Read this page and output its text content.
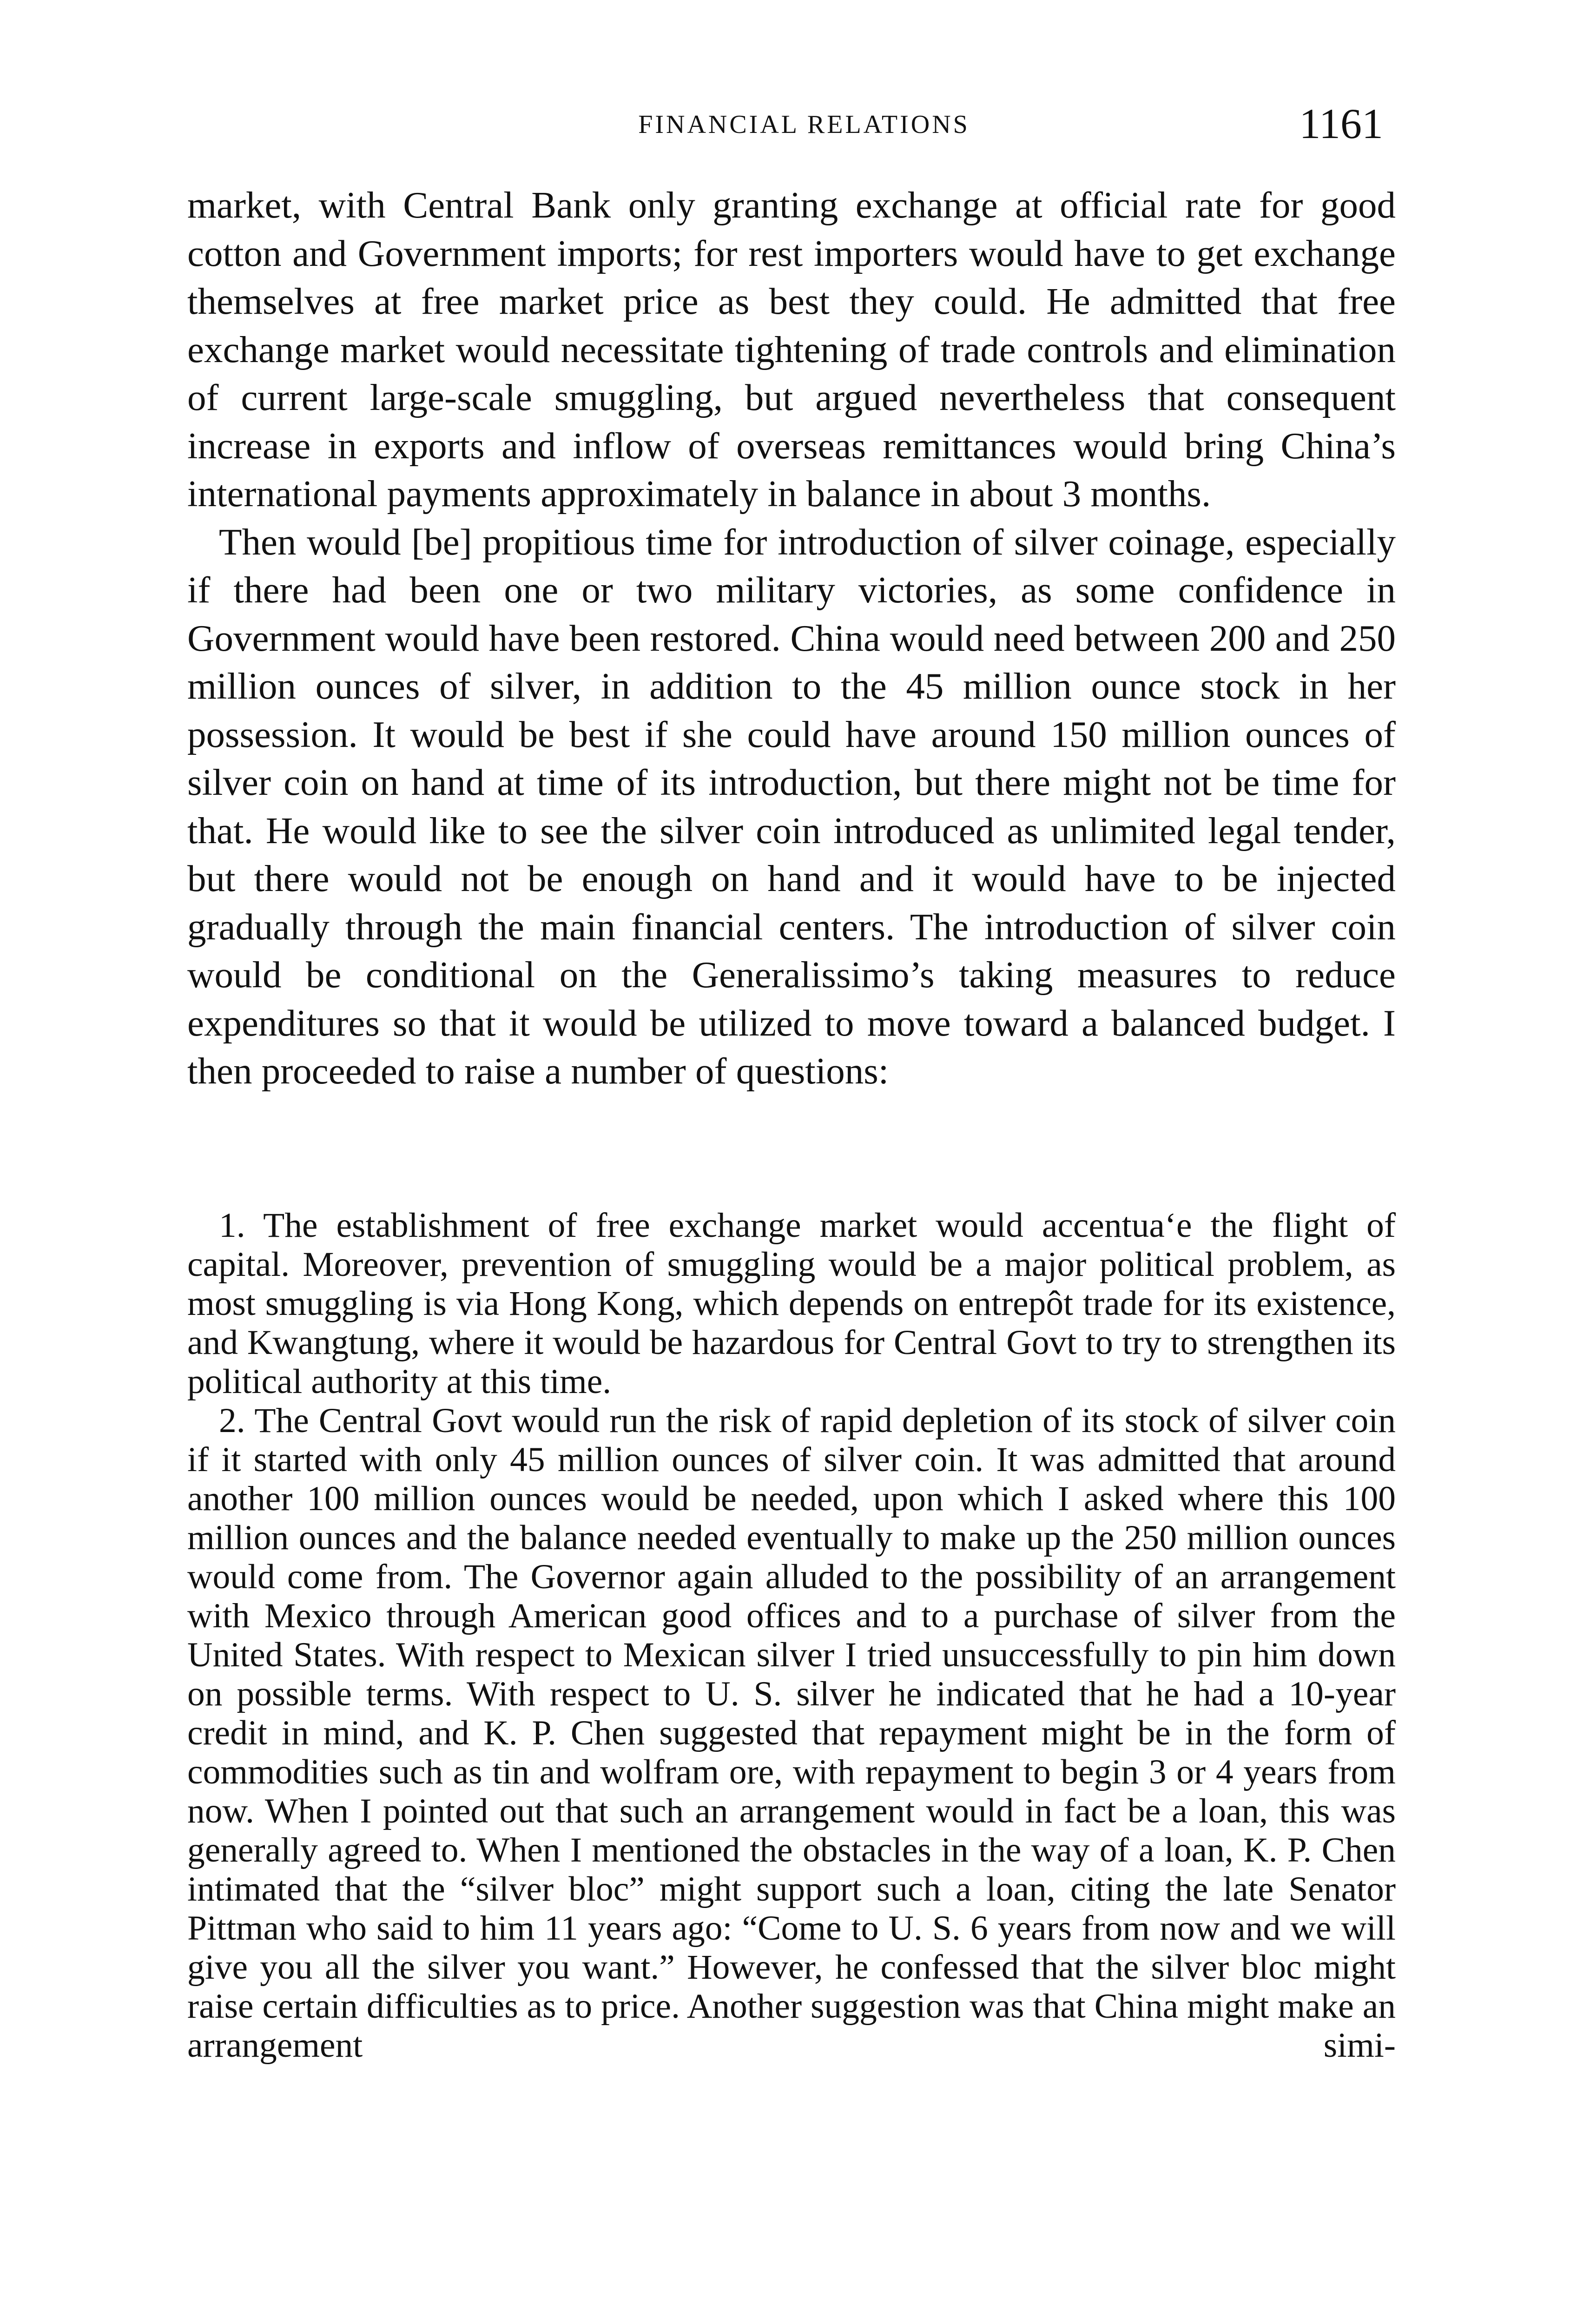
FINANCIAL RELATIONS	1161

market, with Central Bank only granting exchange at official rate for good cotton and Government imports; for rest importers would have to get exchange themselves at free market price as best they could. He admitted that free exchange market would necessitate tightening of trade controls and elimination of current large-scale smuggling, but argued nevertheless that consequent increase in exports and inflow of overseas remittances would bring China’s international payments approximately in balance in about 3 months.

Then would [be] propitious time for introduction of silver coinage, especially if there had been one or two military victories, as some confidence in Government would have been restored. China would need between 200 and 250 million ounces of silver, in addition to the 45 million ounce stock in her possession. It would be best if she could have around 150 million ounces of silver coin on hand at time of its introduction, but there might not be time for that. He would like to see the silver coin introduced as unlimited legal tender, but there would not be enough on hand and it would have to be injected gradually through the main financial centers. The introduction of silver coin would be conditional on the Generalissimo’s taking measures to reduce expenditures so that it would be utilized to move toward a balanced budget. I then proceeded to raise a number of questions:

1. The establishment of free exchange market would accentua‘e the flight of capital. Moreover, prevention of smuggling would be a major political problem, as most smuggling is via Hong Kong, which depends on entrepôt trade for its existence, and Kwangtung, where it would be hazardous for Central Govt to try to strengthen its political authority at this time.

2. The Central Govt would run the risk of rapid depletion of its stock of silver coin if it started with only 45 million ounces of silver coin. It was admitted that around another 100 million ounces would be needed, upon which I asked where this 100 million ounces and the balance needed eventually to make up the 250 million ounces would come from. The Governor again alluded to the possibility of an arrangement with Mexico through American good offices and to a purchase of silver from the United States. With respect to Mexican silver I tried unsuccessfully to pin him down on possible terms. With respect to U. S. silver he indicated that he had a 10-year credit in mind, and K. P. Chen suggested that repayment might be in the form of commodities such as tin and wolfram ore, with repayment to begin 3 or 4 years from now. When I pointed out that such an arrangement would in fact be a loan, this was generally agreed to. When I mentioned the obstacles in the way of a loan, K. P. Chen intimated that the “silver bloc” might support such a loan, citing the late Senator Pittman who said to him 11 years ago: “Come to U. S. 6 years from now and we will give you all the silver you want.” However, he confessed that the silver bloc might raise certain difficulties as to price. Another suggestion was that China might make an arrangement simi-
